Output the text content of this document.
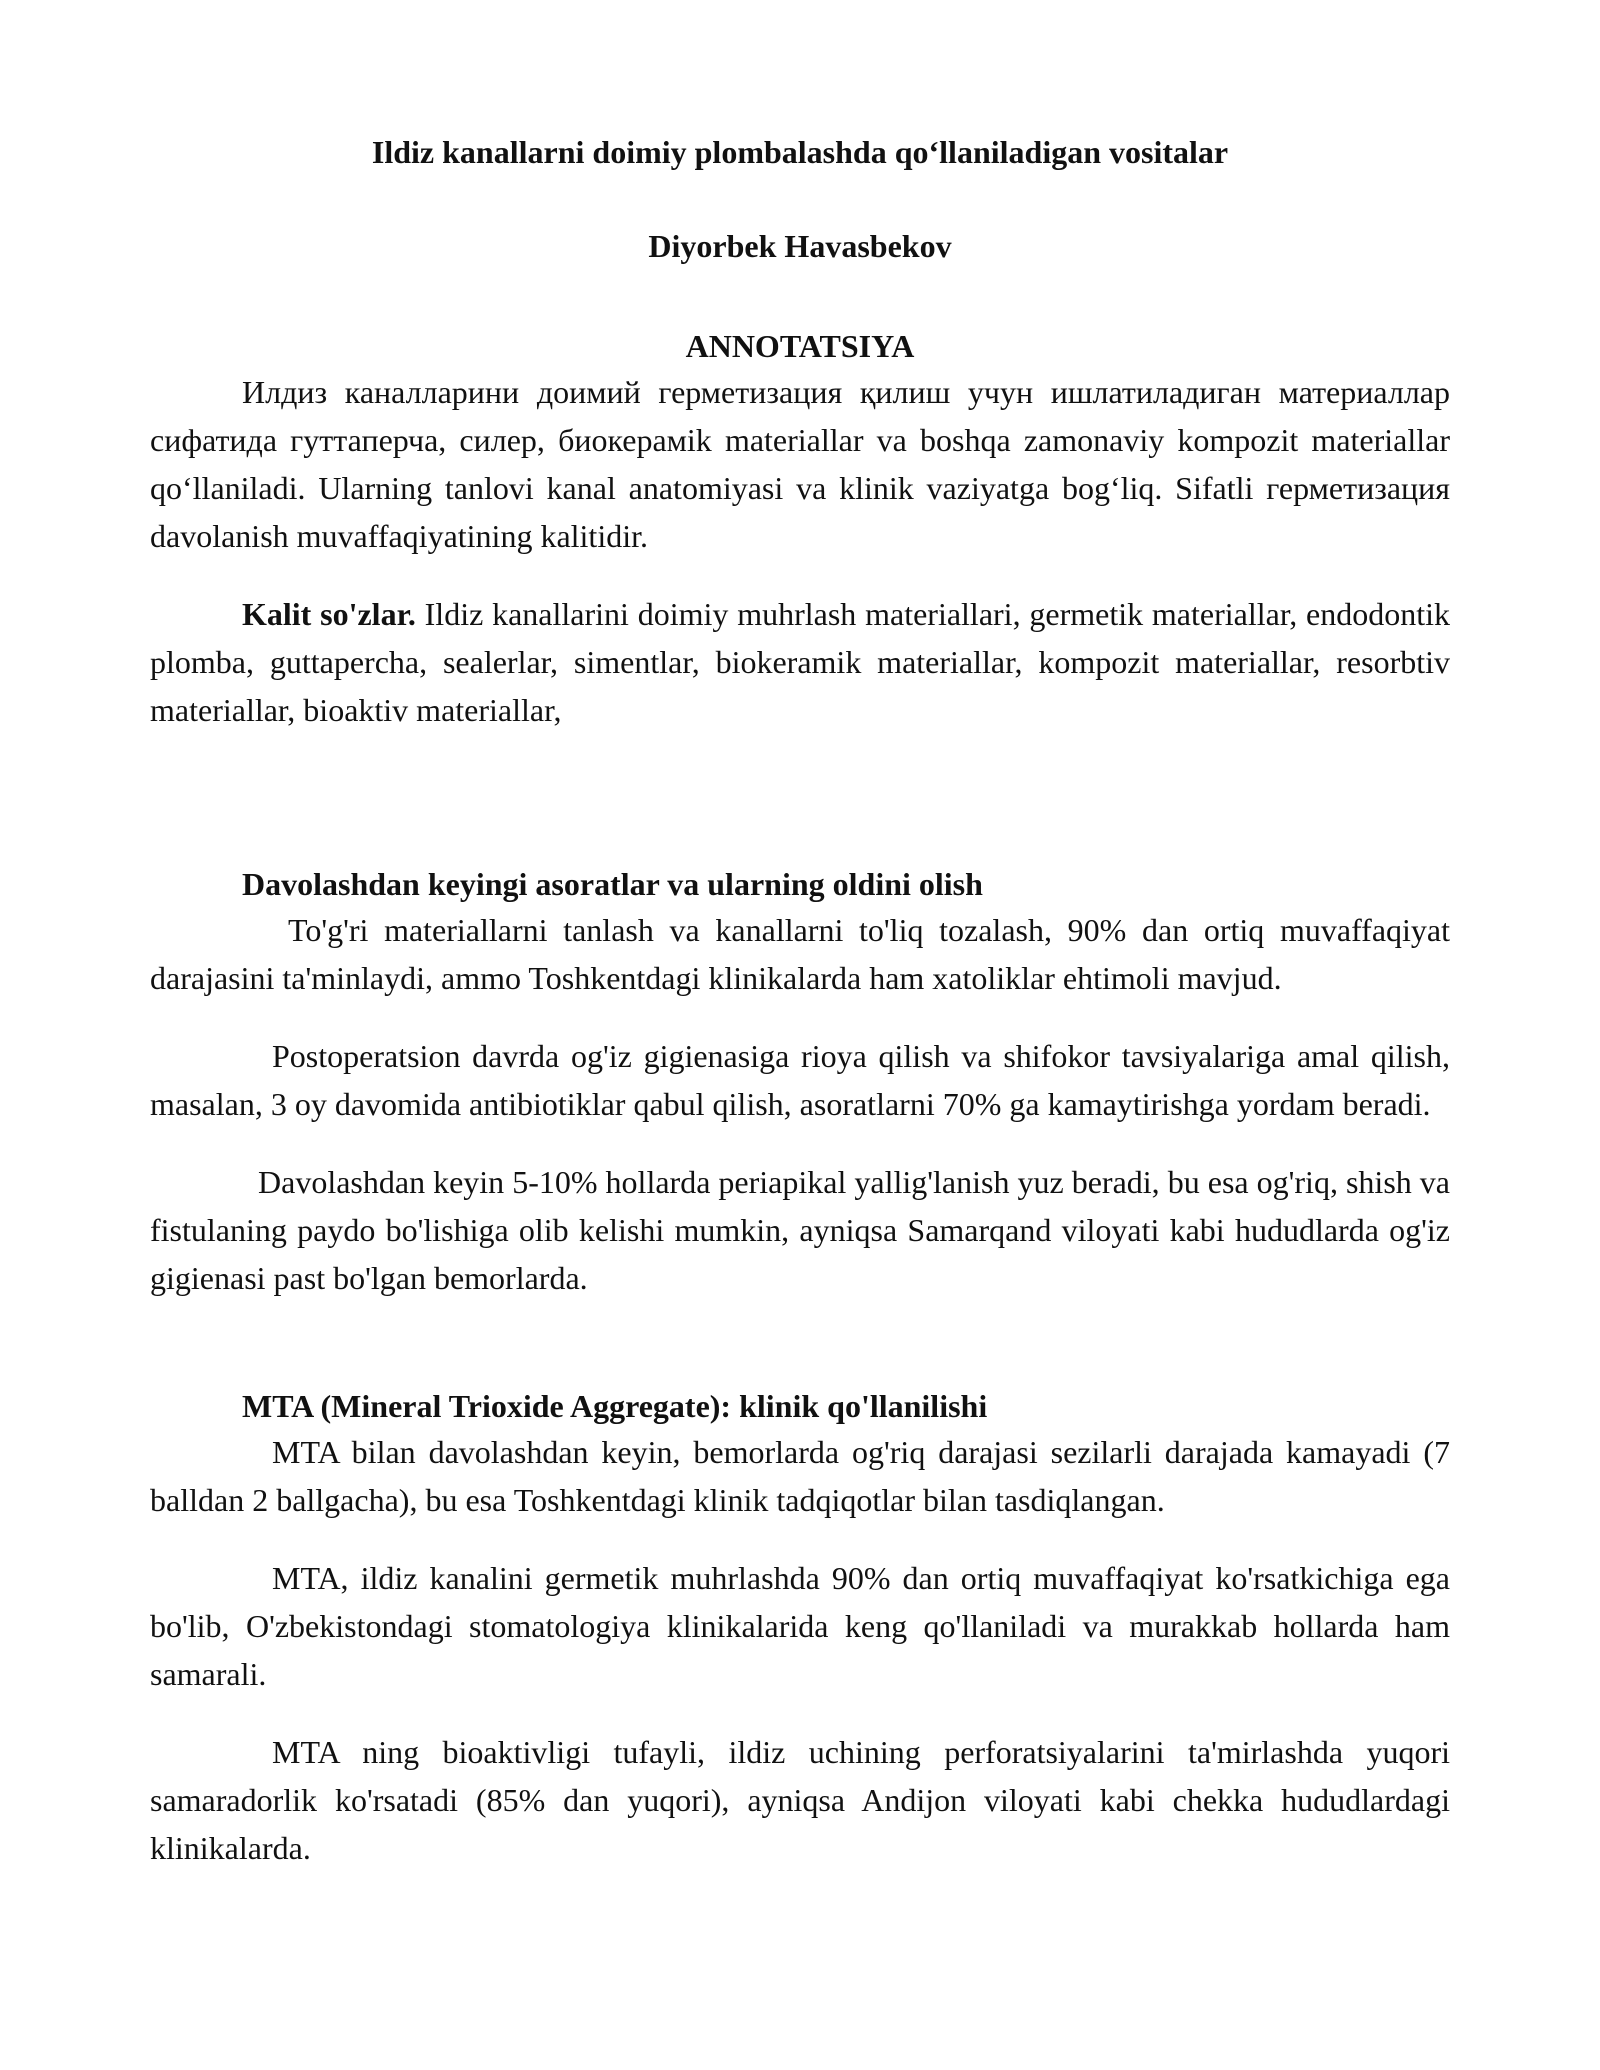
Ildiz kanallarni doimiy plombalashda qo‘llaniladigan vositalar
Diyorbek Havasbekov
ANNOTATSIYA

Илдиз каналларини доимий герметизация қилиш учун ишлатиладиган материаллар сифатида гуттаперча, силер, биокерамik materiallar va boshqa zamonaviy kompozit materiallar qo‘llaniladi. Ularning tanlovi kanal anatomiyasi va klinik vaziyatga bog‘liq. Sifatli герметизация davolanish muvaffaqiyatining kalitidir.

Kalit so'zlar. Ildiz kanallarini doimiy muhrlash materiallari, germetik materiallar, endodontik plomba, guttapercha, sealerlar, simentlar, biokeramik materiallar, kompozit materiallar, resorbtiv materiallar, bioaktiv materiallar,

Davolashdan keyingi asoratlar va ularning oldini olish

To'g'ri materiallarni tanlash va kanallarni to'liq tozalash, 90% dan ortiq muvaffaqiyat darajasini ta'minlaydi, ammo Toshkentdagi klinikalarda ham xatoliklar ehtimoli mavjud.

Postoperatsion davrda og'iz gigienasiga rioya qilish va shifokor tavsiyalariga amal qilish, masalan, 3 oy davomida antibiotiklar qabul qilish, asoratlarni 70% ga kamaytirishga yordam beradi.

Davolashdan keyin 5-10% hollarda periapikal yallig'lanish yuz beradi, bu esa og'riq, shish va fistulaning paydo bo'lishiga olib kelishi mumkin, ayniqsa Samarqand viloyati kabi hududlarda og'iz gigienasi past bo'lgan bemorlarda.

MTA (Mineral Trioxide Aggregate): klinik qo'llanilishi

MTA bilan davolashdan keyin, bemorlarda og'riq darajasi sezilarli darajada kamayadi (7 balldan 2 ballgacha), bu esa Toshkentdagi klinik tadqiqotlar bilan tasdiqlangan.

MTA, ildiz kanalini germetik muhrlashda 90% dan ortiq muvaffaqiyat ko'rsatkichiga ega bo'lib, O'zbekistondagi stomatologiya klinikalarida keng qo'llaniladi va murakkab hollarda ham samarali.

MTA ning bioaktivligi tufayli, ildiz uchining perforatsiyalarini ta'mirlashda yuqori samaradorlik ko'rsatadi (85% dan yuqori), ayniqsa Andijon viloyati kabi chekka hududlardagi klinikalarda.
